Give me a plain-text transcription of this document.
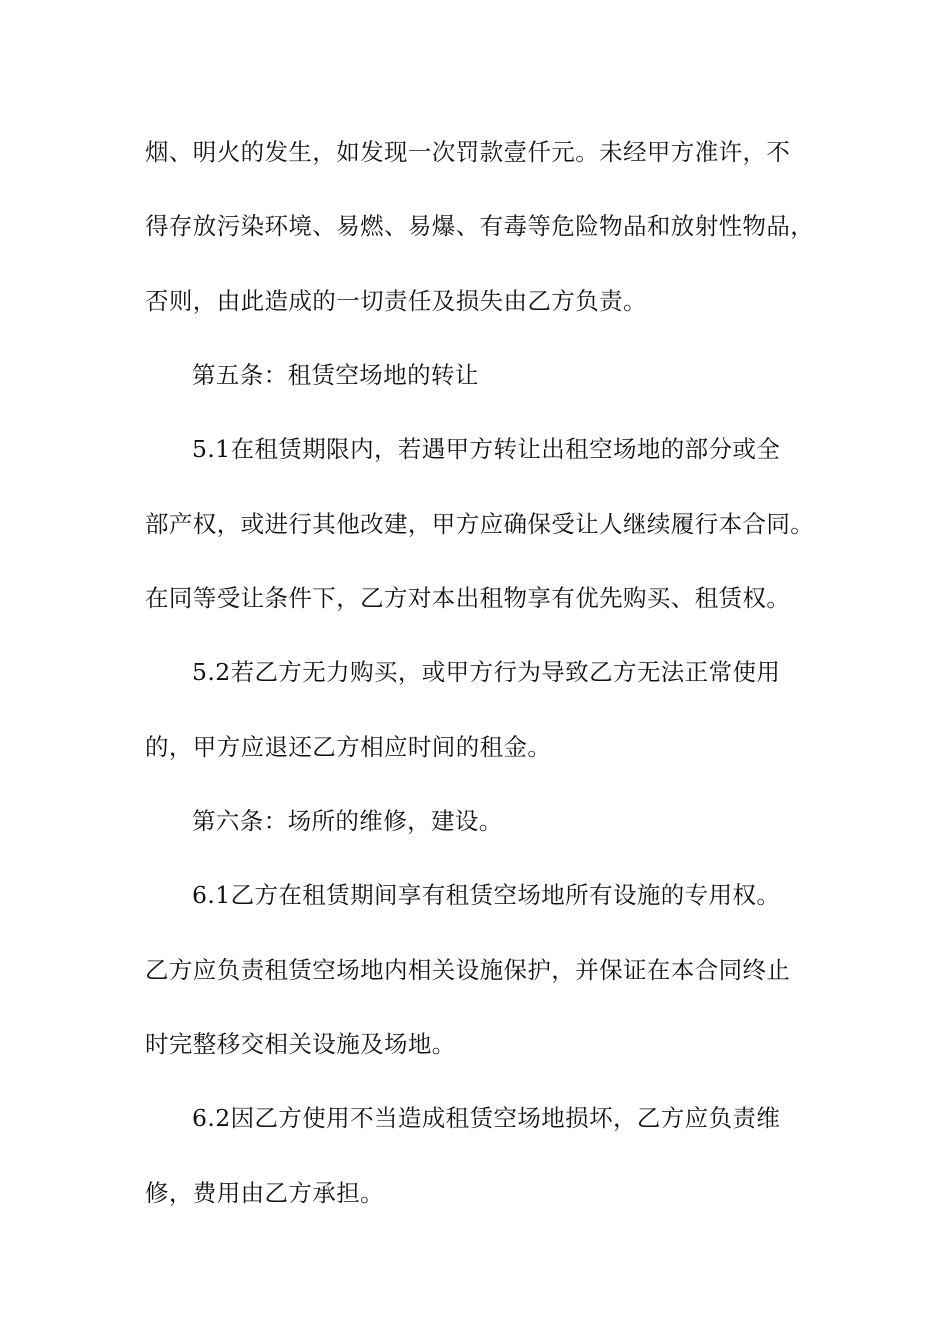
烟、明火的发生，如发现一次罚款壹仟元。未经甲方准许，不
得存放污染环境、易燃、易爆、有毒等危险物品和放射性物品，
否则，由此造成的一切责任及损失由乙方负责。
第五条：租赁空场地的转让
5.1在租赁期限内，若遇甲方转让出租空场地的部分或全
部产权，或进行其他改建，甲方应确保受让人继续履行本合同。
在同等受让条件下，乙方对本出租物享有优先购买、租赁权。
5.2若乙方无力购买，或甲方行为导致乙方无法正常使用
的，甲方应退还乙方相应时间的租金。
第六条：场所的维修，建设。
6.1乙方在租赁期间享有租赁空场地所有设施的专用权。
乙方应负责租赁空场地内相关设施保护，并保证在本合同终止
时完整移交相关设施及场地。
6.2因乙方使用不当造成租赁空场地损坏，乙方应负责维
修，费用由乙方承担。
